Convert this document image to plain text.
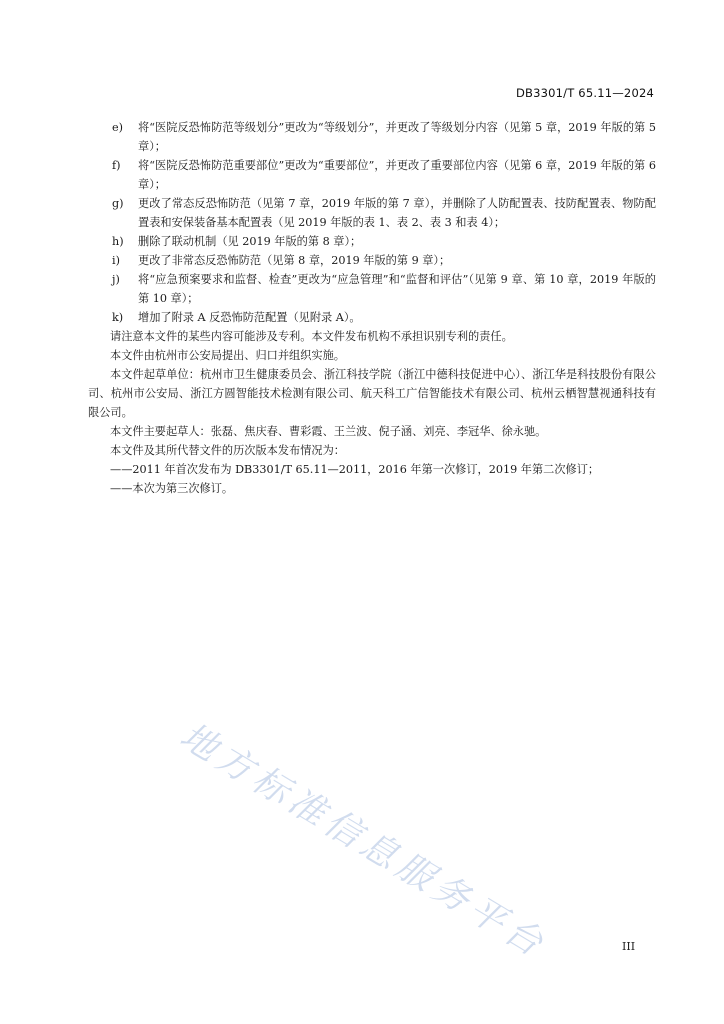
DB3301/T 65.11—2024
e)	将“医院反恐怖防范等级划分”更改为“等级划分”，并更改了等级划分内容（见第 5 章，2019 年版的第 5 章）；
f)	将“医院反恐怖防范重要部位”更改为“重要部位”，并更改了重要部位内容（见第 6 章，2019 年版的第 6 章）；
g)	更改了常态反恐怖防范（见第 7 章，2019 年版的第 7 章），并删除了人防配置表、技防配置表、物防配置表和安保装备基本配置表（见 2019 年版的表 1、表 2、表 3 和表 4）；
h)	删除了联动机制（见 2019 年版的第 8 章）；
i)	更改了非常态反恐怖防范（见第 8 章，2019 年版的第 9 章）；
j)	将“应急预案要求和监督、检查”更改为“应急管理”和“监督和评估”（见第 9 章、第 10 章，2019 年版的第 10 章）；
k)	增加了附录 A 反恐怖防范配置（见附录 A）。

请注意本文件的某些内容可能涉及专利。本文件发布机构不承担识别专利的责任。

本文件由杭州市公安局提出、归口并组织实施。

本文件起草单位：杭州市卫生健康委员会、浙江科技学院（浙江中德科技促进中心）、浙江华是科技股份有限公司、杭州市公安局、浙江方圆智能技术检测有限公司、航天科工广信智能技术有限公司、杭州云栖智慧视通科技有限公司。

本文件主要起草人：张磊、焦庆春、曹彩霞、王兰波、倪子涵、刘亮、李冠华、徐永驰。

本文件及其所代替文件的历次版本发布情况为：

——2011 年首次发布为 DB3301/T 65.11—2011，2016 年第一次修订，2019 年第二次修订；
——本次为第三次修订。
地方标准信息服务平台	III
